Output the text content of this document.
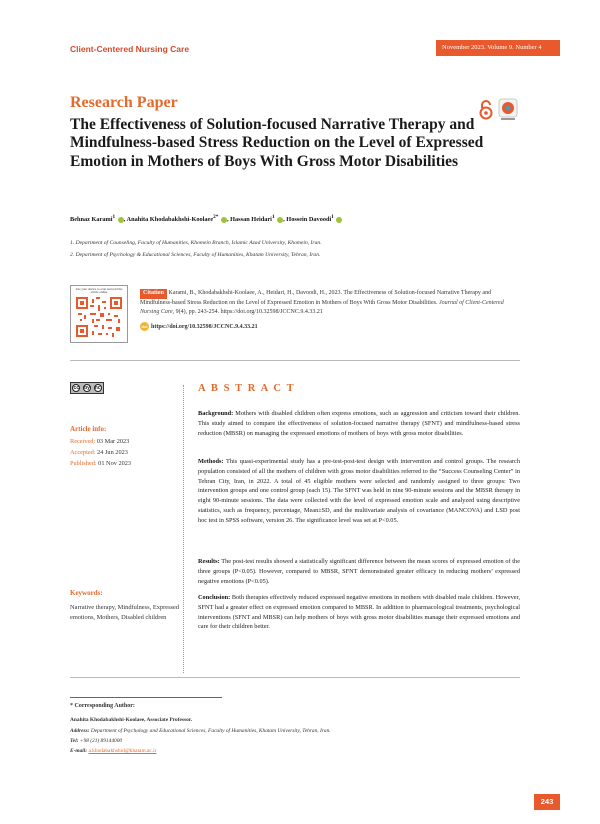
Client-Centered Nursing Care	November 2023. Volume 9. Number 4
Research Paper
The Effectiveness of Solution-focused Narrative Therapy and Mindfulness-based Stress Reduction on the Level of Expressed Emotion in Mothers of Boys With Gross Motor Disabilities
Behnaz Karami$^1$ , Anahita Khodabakhshi-Koolaee$^{2*}$ , Hassan Heidari$^1$ , Hossein Davoodi$^1$
1. Department of Counseling, Faculty of Humanities, Khomein Branch, Islamic Azad University, Khomein, Iran.
2. Department of Psychology & Educational Sciences, Faculty of Humanities, Khatam University, Tehran, Iran.
Use your device to scan and read the article online	Citation Karami, B., Khodabakhshi-Koolaee, A., Heidari, H., Davoodi, H., 2023. The Effectiveness of Solution-focused Narrative Therapy and Mindfulness-based Stress Reduction on the Level of Expressed Emotion in Mothers of Boys With Gross Motor Disabilities. Journal of Client-Centered Nursing Care, 9(4), pp. 243-254. https://doi.org/10.32598/JCCNC.9.4.33.21
doi https://doi.org/10.32598/JCCNC.9.4.33.21
cc by nc
Article info:
Received: 03 Mar 2023
Accepted: 24 Jun 2023
Published: 01 Nov 2023
Keywords:
Narrative therapy, Mindfulness, Expressed emotions, Mothers, Disabled children
A B S T R A C T
Background: Mothers with disabled children often express emotions, such as aggression and criticism toward their children. This study aimed to compare the effectiveness of solution-focused narrative therapy (SFNT) and mindfulness-based stress reduction (MBSR) on managing the expressed emotions of mothers of boys with gross motor disabilities.
Methods: This quasi-experimental study has a pre-test-post-test design with intervention and control groups. The research population consisted of all the mothers of children with gross motor disabilities referred to the “Success Counseling Center” in Tehran City, Iran, in 2022. A total of 45 eligible mothers were selected and randomly assigned to three groups: Two intervention groups and one control group (each 15). The SFNT was held in nine 90-minute sessions and the MBSR therapy in eight 90-minute sessions. The data were collected with the level of expressed emotion scale and analyzed using descriptive statistics, such as frequency, percentage, Mean±SD, and the multivariate analysis of covariance (MANCOVA) and LSD post hoc test in SPSS software, version 26. The significance level was set at P<0.05.
Results: The post-test results showed a statistically significant difference between the mean scores of expressed emotion of the three groups (P<0.05). However, compared to MBSR, SFNT demonstrated greater efficacy in reducing mothers’ expressed negative emotions (P<0.05).
Conclusion: Both therapies effectively reduced expressed negative emotions in mothers with disabled male children. However, SFNT had a greater effect on expressed emotion compared to MBSR. In addition to pharmacological treatments, psychological interventions (SFNT and MBSR) can help mothers of boys with gross motor disabilities manage their expressed emotions and care for their children better.
* Corresponding Author:
Anahita Khodabakhshi-Koolaee, Associate Professor.
Address: Department of Psychology and Educational Sciences, Faculty of Humanities, Khatam University, Tehran, Iran.
Tel: +98 (21) 89144000
E-mail: a.khodabakhshid@khatam.ac.ir
243
